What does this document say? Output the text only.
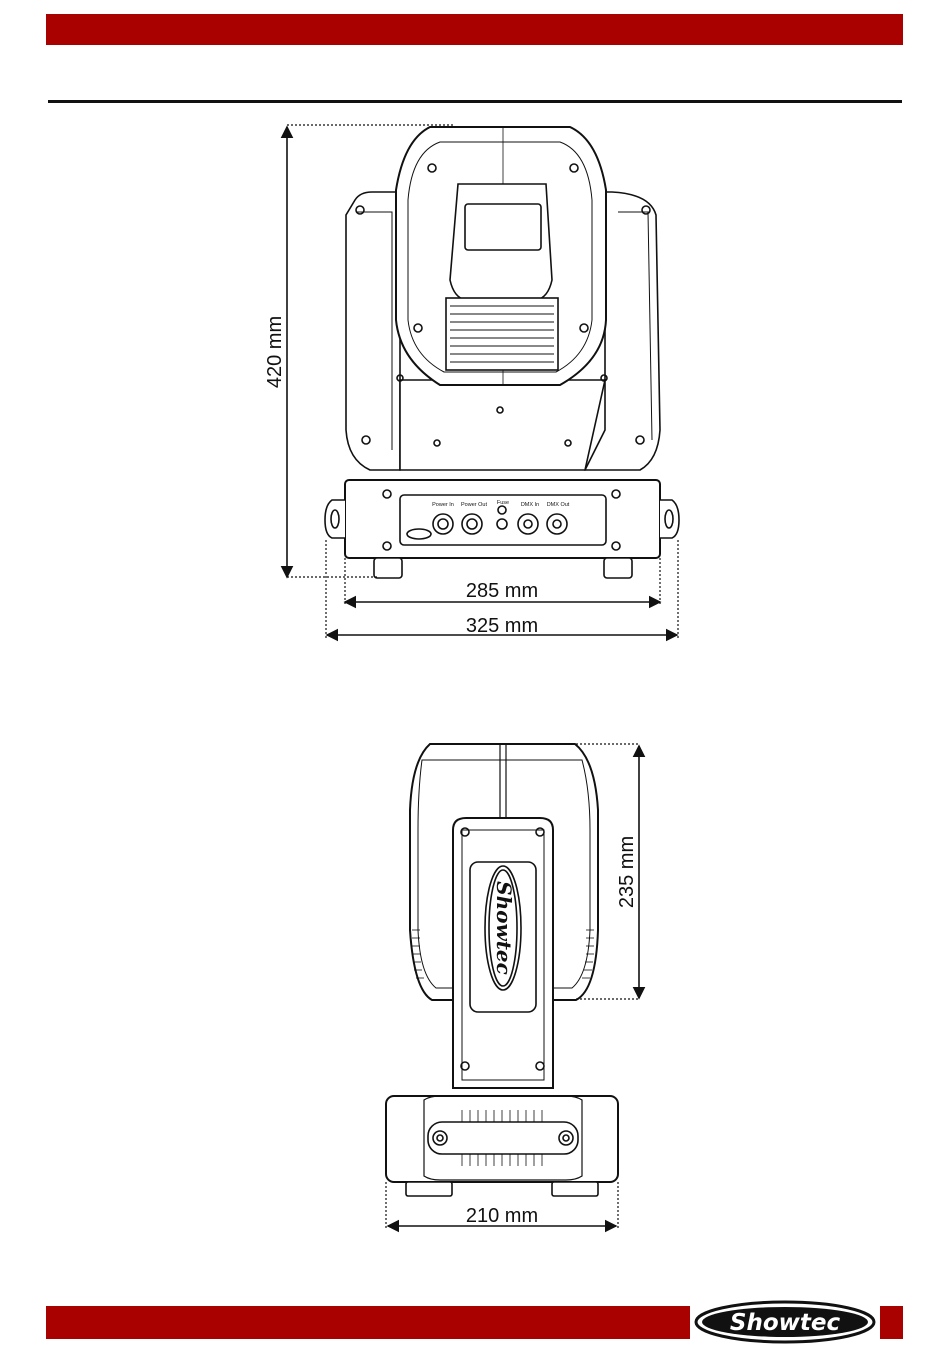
Power In Power Out Fuse DMX In DMX Out
420 mm
285 mm
325 mm
Showtec
235 mm
210 mm
Showtec
